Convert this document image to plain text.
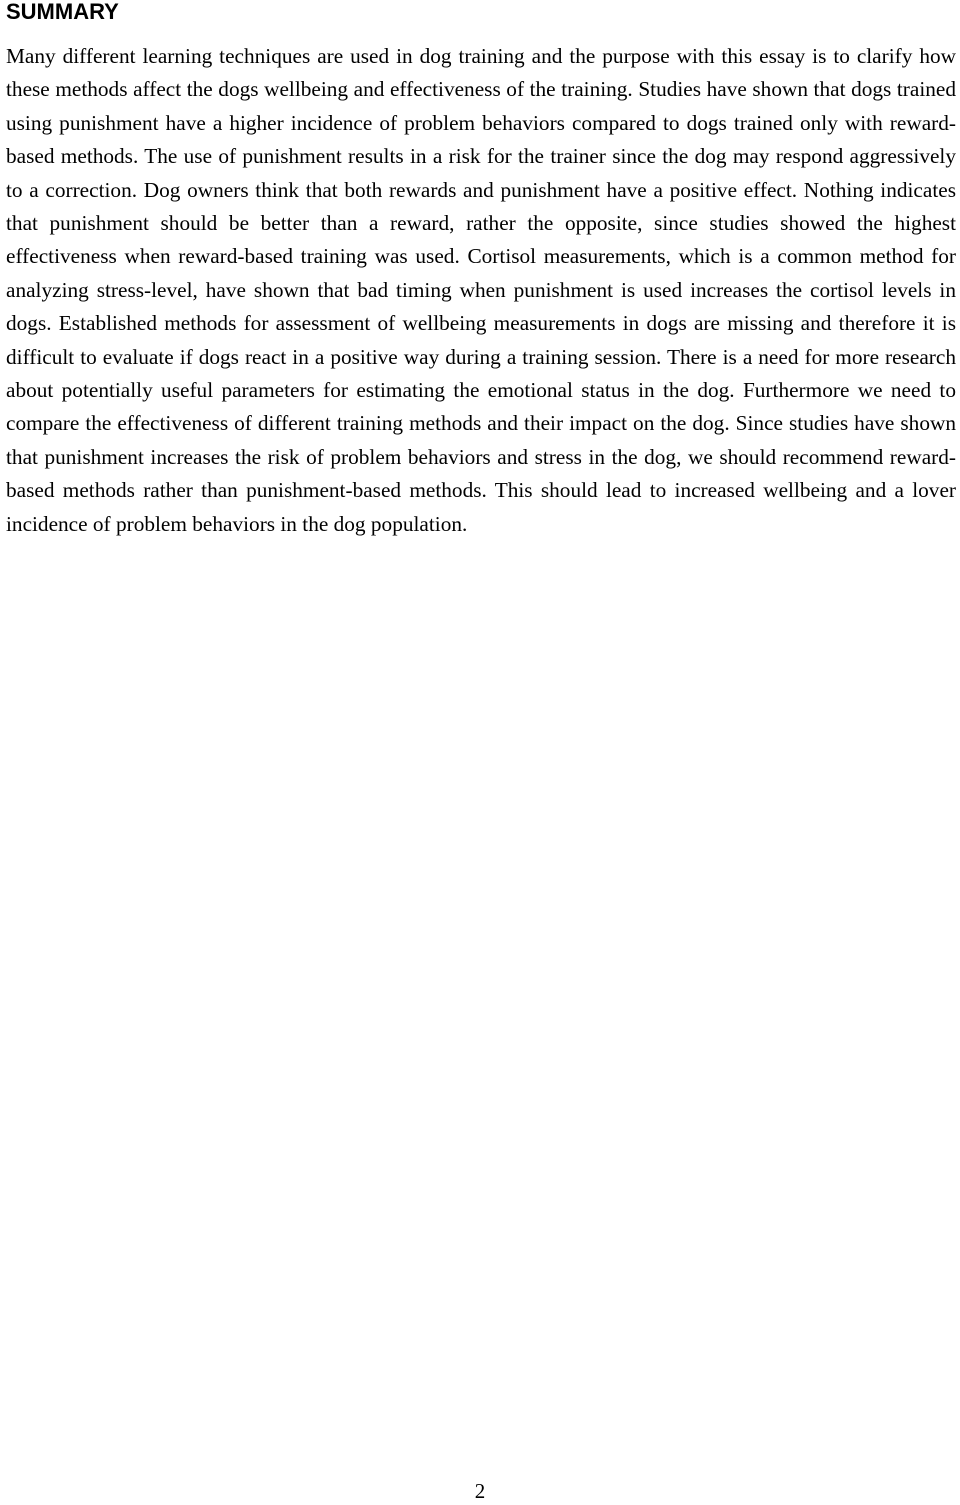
SUMMARY

Many different learning techniques are used in dog training and the purpose with this essay is to clarify how these methods affect the dogs wellbeing and effectiveness of the training. Studies have shown that dogs trained using punishment have a higher incidence of problem behaviors compared to dogs trained only with reward-based methods. The use of punishment results in a risk for the trainer since the dog may respond aggressively to a correction. Dog owners think that both rewards and punishment have a positive effect. Nothing indicates that punishment should be better than a reward, rather the opposite, since studies showed the highest effectiveness when reward-based training was used. Cortisol measurements, which is a common method for analyzing stress-level, have shown that bad timing when punishment is used increases the cortisol levels in dogs. Established methods for assessment of wellbeing measurements in dogs are missing and therefore it is difficult to evaluate if dogs react in a positive way during a training session. There is a need for more research about potentially useful parameters for estimating the emotional status in the dog. Furthermore we need to compare the effectiveness of different training methods and their impact on the dog. Since studies have shown that punishment increases the risk of problem behaviors and stress in the dog, we should recommend reward-based methods rather than punishment-based methods. This should lead to increased wellbeing and a lover incidence of problem behaviors in the dog population.

2
